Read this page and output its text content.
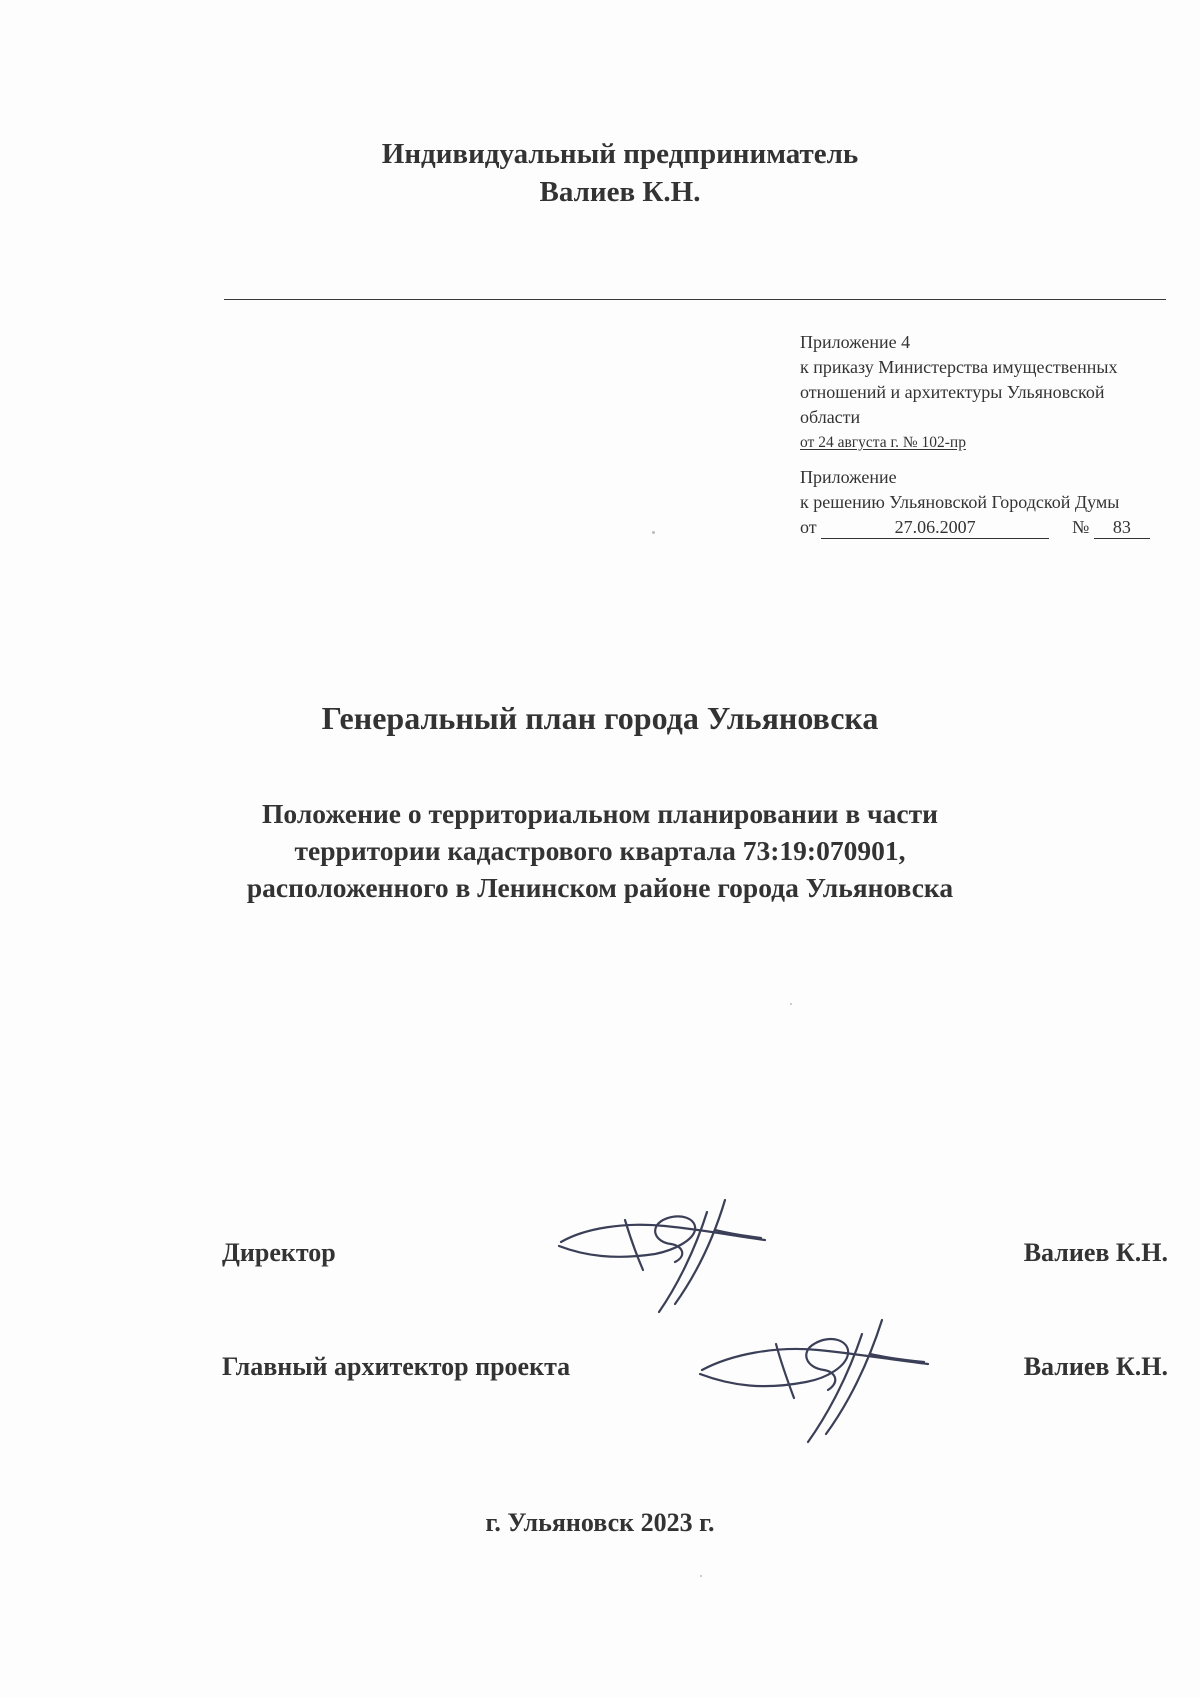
Индивидуальный предприниматель
Валиев К.Н.
Приложение 4
к приказу Министерства имущественных
отношений и архитектуры Ульяновской
области
от 24 августа г. № 102-пр
Приложение
к решению Ульяновской Городской Думы
от	27.06.2007	№ 83
Генеральный план города Ульяновска
Положение о территориальном планировании в части
территории кадастрового квартала 73:19:070901,
расположенного в Ленинском районе города Ульяновска
Директор	Валиев К.Н.
Главный архитектор проекта	Валиев К.Н.
г. Ульяновск 2023 г.
